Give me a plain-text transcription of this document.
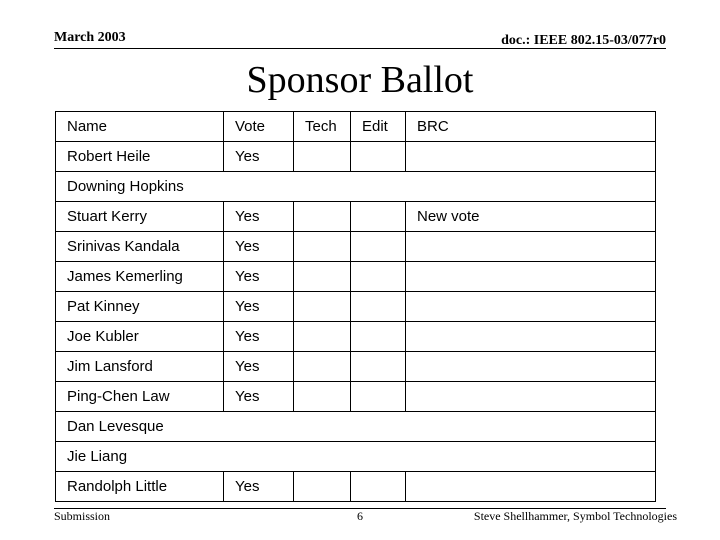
March 2003	doc.: IEEE 802.15-03/077r0
Sponsor Ballot
Name	Vote	Tech	Edit	BRC
Robert Heile	Yes			
Downing Hopkins				
Stuart Kerry	Yes			New vote
Srinivas Kandala	Yes			
James Kemerling	Yes			
Pat Kinney	Yes			
Joe Kubler	Yes			
Jim Lansford	Yes			
Ping-Chen Law	Yes			
Dan Levesque				
Jie Liang				
Randolph Little	Yes			
Submission	6	Steve Shellhammer, Symbol Technologies
